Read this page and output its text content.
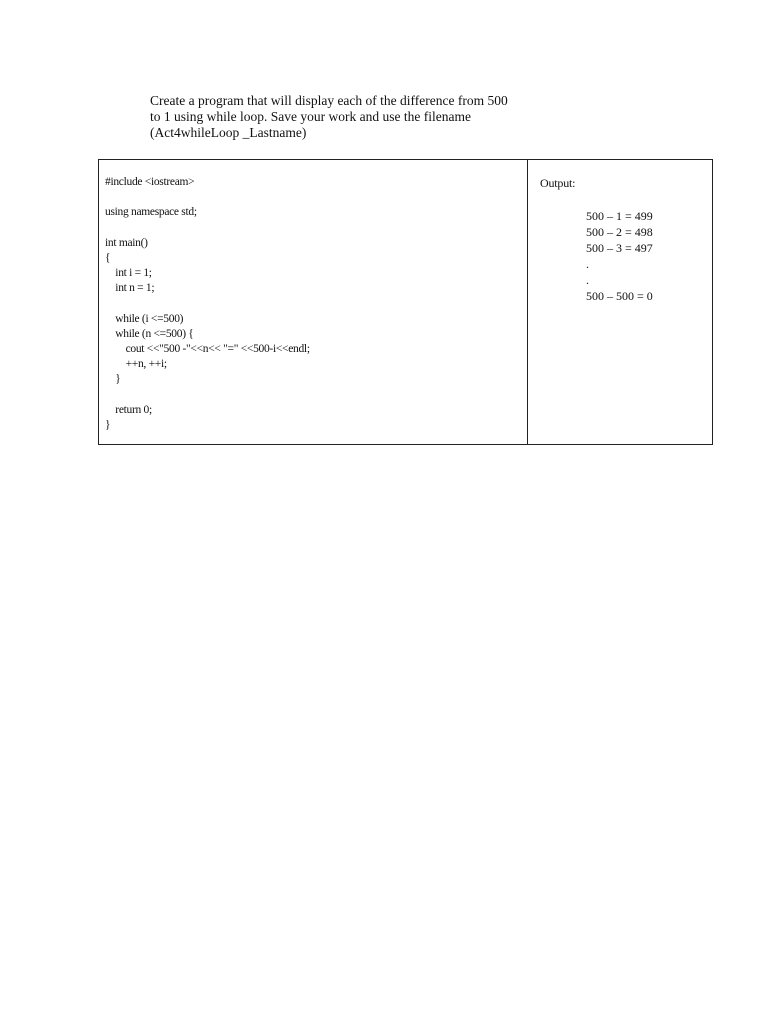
Create a program that will display each of the difference from 500
to 1 using while loop. Save your work and use the filename
(Act4whileLoop _Lastname)
#include <iostream>
using namespace std;
int main()
{
int i = 1;
int n = 1;
while (i <=500)
while (n <=500) {
cout <<"500 -"<<n<< "=" <<500-i<<endl;
++n, ++i;
}
return 0;
}
Output:
500 – 1 = 499
500 – 2 = 498
500 – 3 = 497
.
.
500 – 500 = 0
